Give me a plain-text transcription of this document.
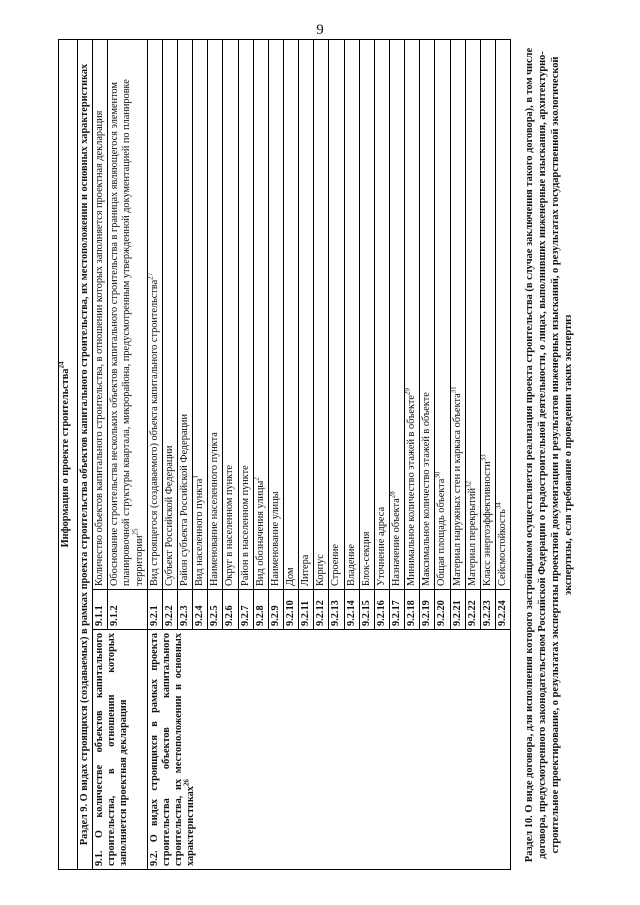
9
Информация о проекте строительства$^{24}$
Раздел 9. О видах строящихся (создаваемых) в рамках проекта строительства объектов капитального строительства, их местоположении и основных характеристиках		
9.1. О количестве объектов капитального строительства, в отношении которых заполняется проектная декларация	9.1.1	Количество объектов капитального строительства, в отношении которых заполняется проектная декларация
	9.1.2	Обоснование строительства нескольких объектов капитального строительства в границах являющегося элементом планировочной структуры квартала, микрорайона, предусмотренным утвержденной документацией по планировке территории$^{25}$
9.2. О видах строящихся в рамках проекта строительства объектов капитального строительства, их местоположении и основных характеристиках$^{26}$	9.2.1	Вид строящегося (создаваемого) объекта капитального строительства$^{27}$
	9.2.2	Субъект Российской Федерации
	9.2.3	Район субъекта Российской Федерации
	9.2.4	Вид населенного пункта$^1$
	9.2.5	Наименование населенного пункта
	9.2.6	Округ в населенном пункте
	9.2.7	Район в населенном пункте
	9.2.8	Вид обозначения улицы$^2$
	9.2.9	Наименование улицы
	9.2.10	Дом
	9.2.11	Литера
	9.2.12	Корпус
	9.2.13	Строение
	9.2.14	Владение
	9.2.15	Блок-секция
	9.2.16	Уточнение адреса
	9.2.17	Назначение объекта$^{28}$
	9.2.18	Минимальное количество этажей в объекте$^{29}$
	9.2.19	Максимальное количество этажей в объекте
	9.2.20	Общая площадь объекта$^{30}$
	9.2.21	Материал наружных стен и каркаса объекта$^{31}$
	9.2.22	Материал перекрытий$^{32}$
	9.2.23	Класс энергоэффективности$^{33}$
	9.2.24	Сейсмостойкость$^{34}$ Раздел 10. О виде договора, для исполнения которого застройщиком осуществляется реализация проекта строительства (в случае заключения такого договора), в том числе договора, предусмотренного законодательством Российской Федерации о градостроительной деятельности, о лицах, выполнивших инженерные изыскания, архитектурно-строительное проектирование, о результатах экспертизы проектной документации и результатов инженерных изысканий, о результатах государственной экологической экспертизы, если требование о проведении таких экспертиз
